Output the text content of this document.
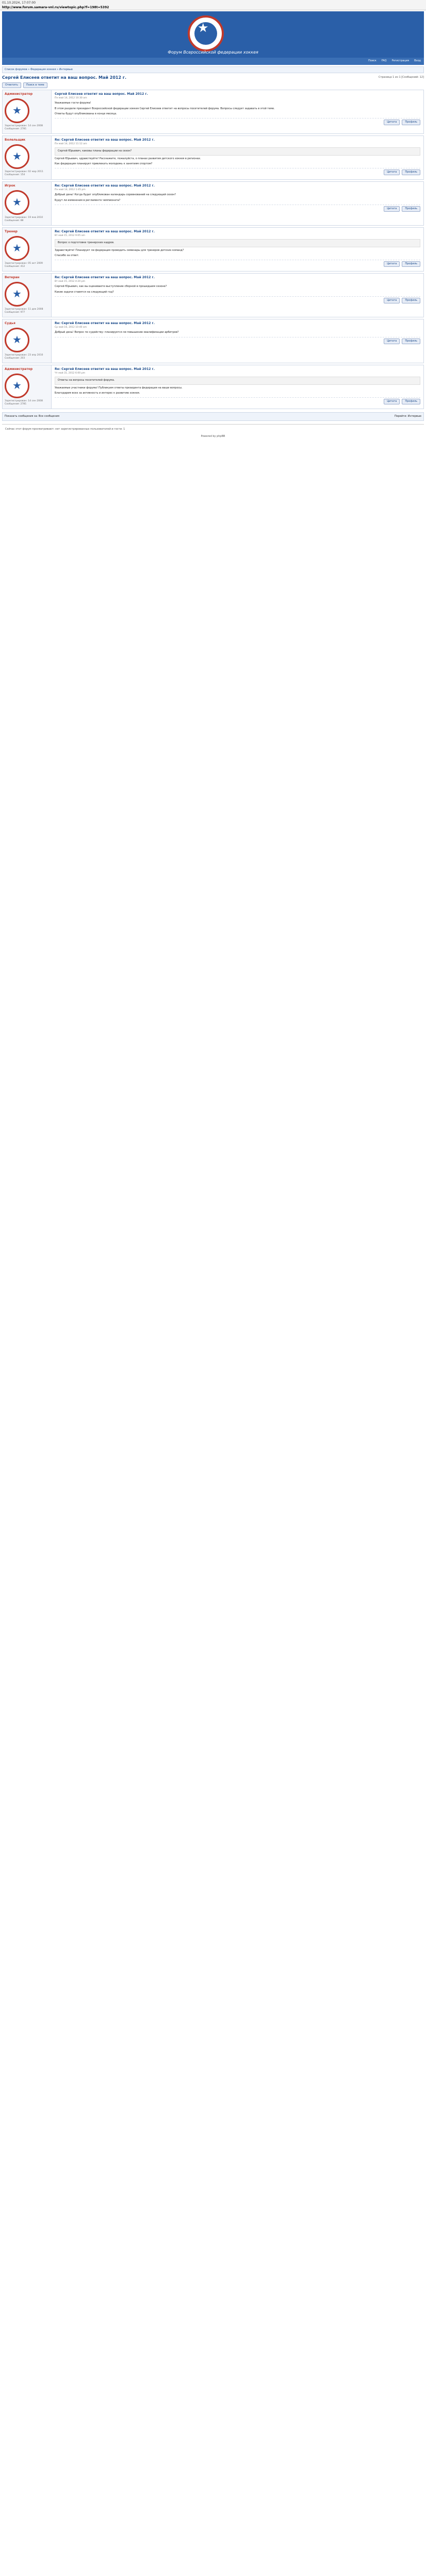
01.10.2024, 17:07:00
http://www.forum.samara-vnl.ru/viewtopic.php?f=198t=5392
★
Форум Всероссийской федерации хоккея
Поиск FAQ Регистрация Вход
Список форумов » Федерация хоккея » Интервью
Сергей Елисеев ответит на ваш вопрос. Май 2012 г.	Страница 1 из 1 [Сообщений: 12]
Ответить	Поиск в теме
Администратор
★
Зарегистрирован: 14 сен 2008
Сообщения: 2781
Сергей Елисеев ответит на ваш вопрос. Май 2012 г.
Пн май 14, 2012 10:30 am

Уважаемые гости форума!

В этом разделе президент Всероссийской федерации хоккея Сергей Елисеев ответит на вопросы посетителей форума. Вопросы следует задавать в этой теме.

Ответы будут опубликованы в конце месяца.

Цитата	Профиль
Болельщик
★
Зарегистрирован: 02 мар 2011
Сообщения: 154
Re: Сергей Елисеев ответит на ваш вопрос. Май 2012 г.
Пн май 14, 2012 11:12 am
Сергей Юрьевич, каковы планы федерации на сезон?

Сергей Юрьевич, здравствуйте! Расскажите, пожалуйста, о планах развития детского хоккея в регионах.

Как федерация планирует привлекать молодежь к занятиям спортом?

Цитата	Профиль
Игрок
★
Зарегистрирован: 19 янв 2010
Сообщения: 88
Re: Сергей Елисеев ответит на ваш вопрос. Май 2012 г.
Пн май 14, 2012 1:45 pm

Добрый день! Когда будет опубликован календарь соревнований на следующий сезон?

Будут ли изменения в регламенте чемпионата?

Цитата	Профиль
Тренер
★
Зарегистрирован: 05 окт 2009
Сообщения: 412
Re: Сергей Елисеев ответит на ваш вопрос. Май 2012 г.
Вт май 15, 2012 9:05 am
Вопрос о подготовке тренерских кадров.

Здравствуйте! Планирует ли федерация проводить семинары для тренеров детских команд?

Спасибо за ответ.

Цитата	Профиль
Ветеран
★
Зарегистрирован: 11 дек 2008
Сообщения: 977
Re: Сергей Елисеев ответит на ваш вопрос. Май 2012 г.
Вт май 15, 2012 4:20 pm

Сергей Юрьевич, как вы оцениваете выступление сборной в прошедшем сезоне?

Какие задачи ставятся на следующий год?

Цитата	Профиль
Судья
★
Зарегистрирован: 23 апр 2010
Сообщения: 203
Re: Сергей Елисеев ответит на ваш вопрос. Май 2012 г.
Ср май 16, 2012 10:40 am

Добрый день! Вопрос по судейству: планируется ли повышение квалификации арбитров?

Цитата	Профиль
Администратор
★
Зарегистрирован: 14 сен 2008
Сообщения: 2781
Re: Сергей Елисеев ответит на ваш вопрос. Май 2012 г.
Чт май 31, 2012 6:00 pm
Ответы на вопросы посетителей форума.

Уважаемые участники форума! Публикуем ответы президента федерации на ваши вопросы.

Благодарим всех за активность и интерес к развитию хоккея.

Цитата	Профиль
Показать сообщения за: Все сообщения	Перейти: Интервью
Сейчас этот форум просматривают: нет зарегистрированных пользователей и гости: 1
Powered by phpBB
